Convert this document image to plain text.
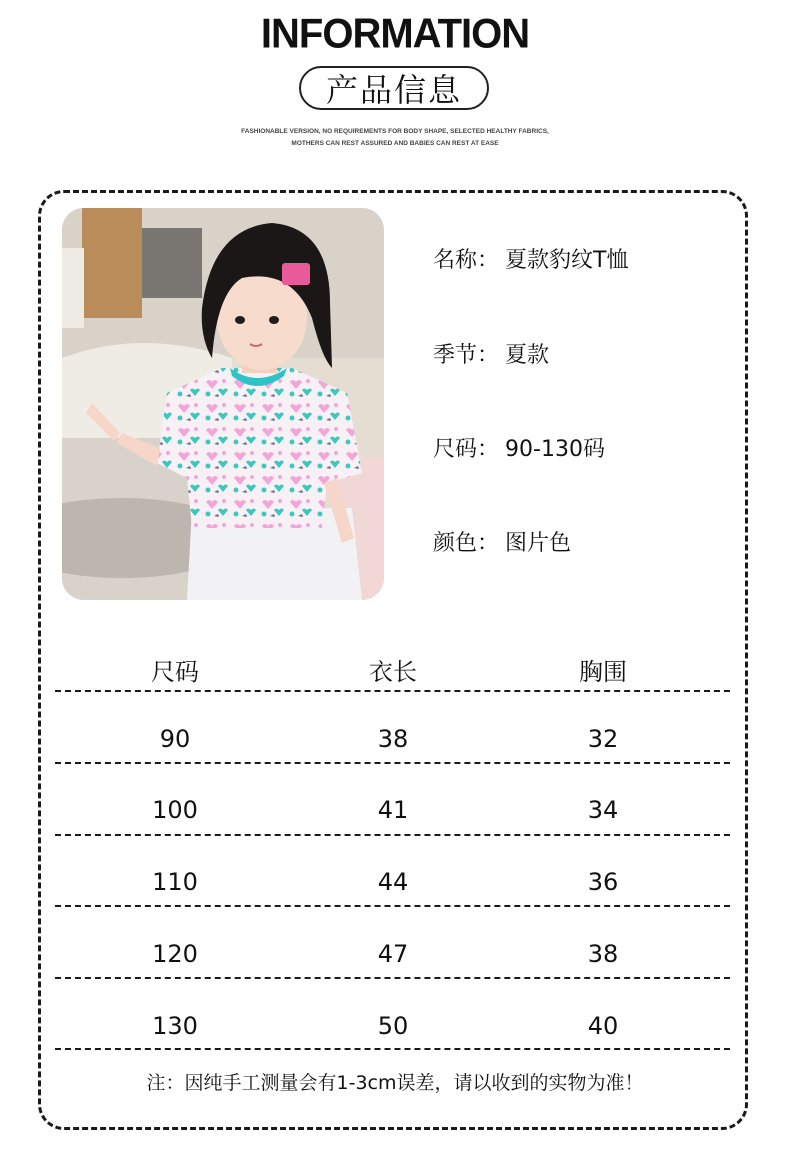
INFORMATION
产品信息
FASHIONABLE VERSION, NO REQUIREMENTS FOR BODY SHAPE, SELECTED HEALTHY FABRICS, MOTHERS CAN REST ASSURED AND BABIES CAN REST AT EASE
名称： 夏款豹纹T恤
季节： 夏款
尺码： 90-130码
颜色： 图片色
尺码	衣长	胸围
90	38	32
100	41	34
110	44	36
120	47	38
130	50	40
注：因纯手工测量会有1-3cm误差，请以收到的实物为准！
